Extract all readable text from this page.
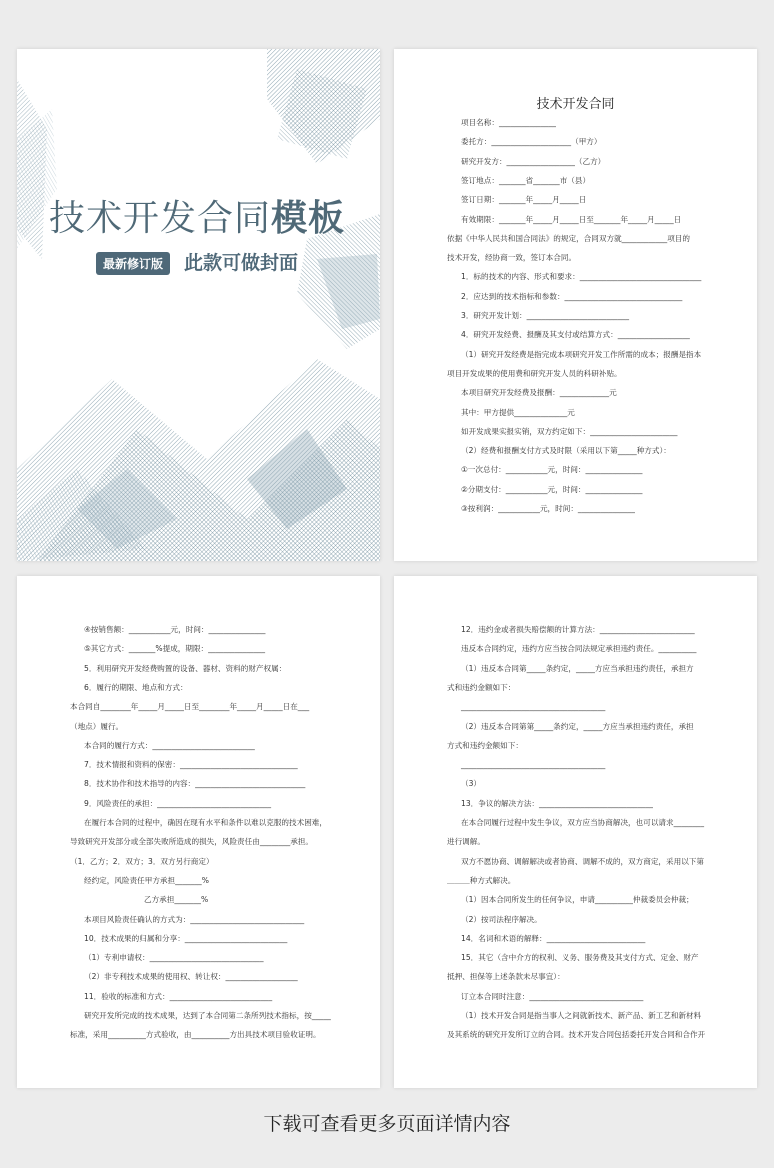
技术开发合同模板
最新修订版	此款可做封面
技术开发合同
项目名称：_______________
委托方：_____________________（甲方）
研究开发方：__________________（乙方）
签订地点：_______省_______市（县）
签订日期：_______年_____月_____日
有效期限：_______年_____月_____日至_______年_____月_____日
依据《中华人民共和国合同法》的规定，合同双方就____________项目的
技术开发，经协商一致，签订本合同。
1．标的技术的内容、形式和要求：________________________________
2．应达到的技术指标和参数：_______________________________
3．研究开发计划：___________________________
4．研究开发经费、报酬及其支付或结算方式：___________________
（1）研究开发经费是指完成本项研究开发工作所需的成本；报酬是指本
项目开发成果的使用费和研究开发人员的科研补贴。
本项目研究开发经费及报酬：_____________元
其中：甲方提供______________元
如开发成果实报实销，双方约定如下：_______________________
（2）经费和报酬支付方式及时限（采用以下第_____种方式）：
①一次总付：___________元，时间：_______________
②分期支付：___________元，时间：_______________
③按利润：___________元，时间：_______________
④按销售额：___________元，时间：_______________
⑤其它方式：_______%提成，期限：_______________
5．利用研究开发经费购置的设备、器材、资料的财产权属：
6．履行的期限、地点和方式：
本合同自________年_____月_____日至________年_____月_____日在___
（地点）履行。
本合同的履行方式：___________________________
7．技术情报和资料的保密：_______________________________
8．技术协作和技术指导的内容：_____________________________
9．风险责任的承担：______________________________
在履行本合同的过程中，确因在现有水平和条件以难以克服的技术困难，
导致研究开发部分或全部失败所造成的损失，风险责任由________承担。
（1．乙方；2．双方；3．双方另行商定）
经约定，风险责任甲方承担_______%
乙方承担_______%
本项目风险责任确认的方式为：______________________________
10．技术成果的归属和分享：___________________________
（1）专利申请权：______________________________
（2）非专利技术成果的使用权、转让权：___________________
11．验收的标准和方式：___________________________
研究开发所完成的技术成果，达到了本合同第二条所列技术指标，按_____
标准，采用__________方式验收，由__________方出具技术项目验收证明。
12．违约金或者损失赔偿额的计算方法：_________________________
违反本合同约定，违约方应当按合同法规定承担违约责任。__________
（1）违反本合同第_____条约定，_____方应当承担违约责任，承担方
式和违约金额如下：
______________________________________
（2）违反本合同第第_____条约定，_____方应当承担违约责任，承担
方式和违约金额如下：
______________________________________
（3）
13．争议的解决方法：______________________________
在本合同履行过程中发生争议，双方应当协商解决，也可以请求________
进行调解。
双方不愿协商、调解解决或者协商、调解不成的，双方商定，采用以下第
＿＿＿种方式解决。
（1）因本合同所发生的任何争议，申请__________仲裁委员会仲裁；
（2）按司法程序解决。
14．名词和术语的解释：__________________________
15．其它（含中介方的权利、义务、服务费及其支付方式、定金、财产
抵押、担保等上述条款未尽事宜）：
订立本合同时注意：______________________________
（1）技术开发合同是指当事人之间就新技术、新产品、新工艺和新材料
及其系统的研究开发所订立的合同。技术开发合同包括委托开发合同和合作开
下载可查看更多页面详情内容
